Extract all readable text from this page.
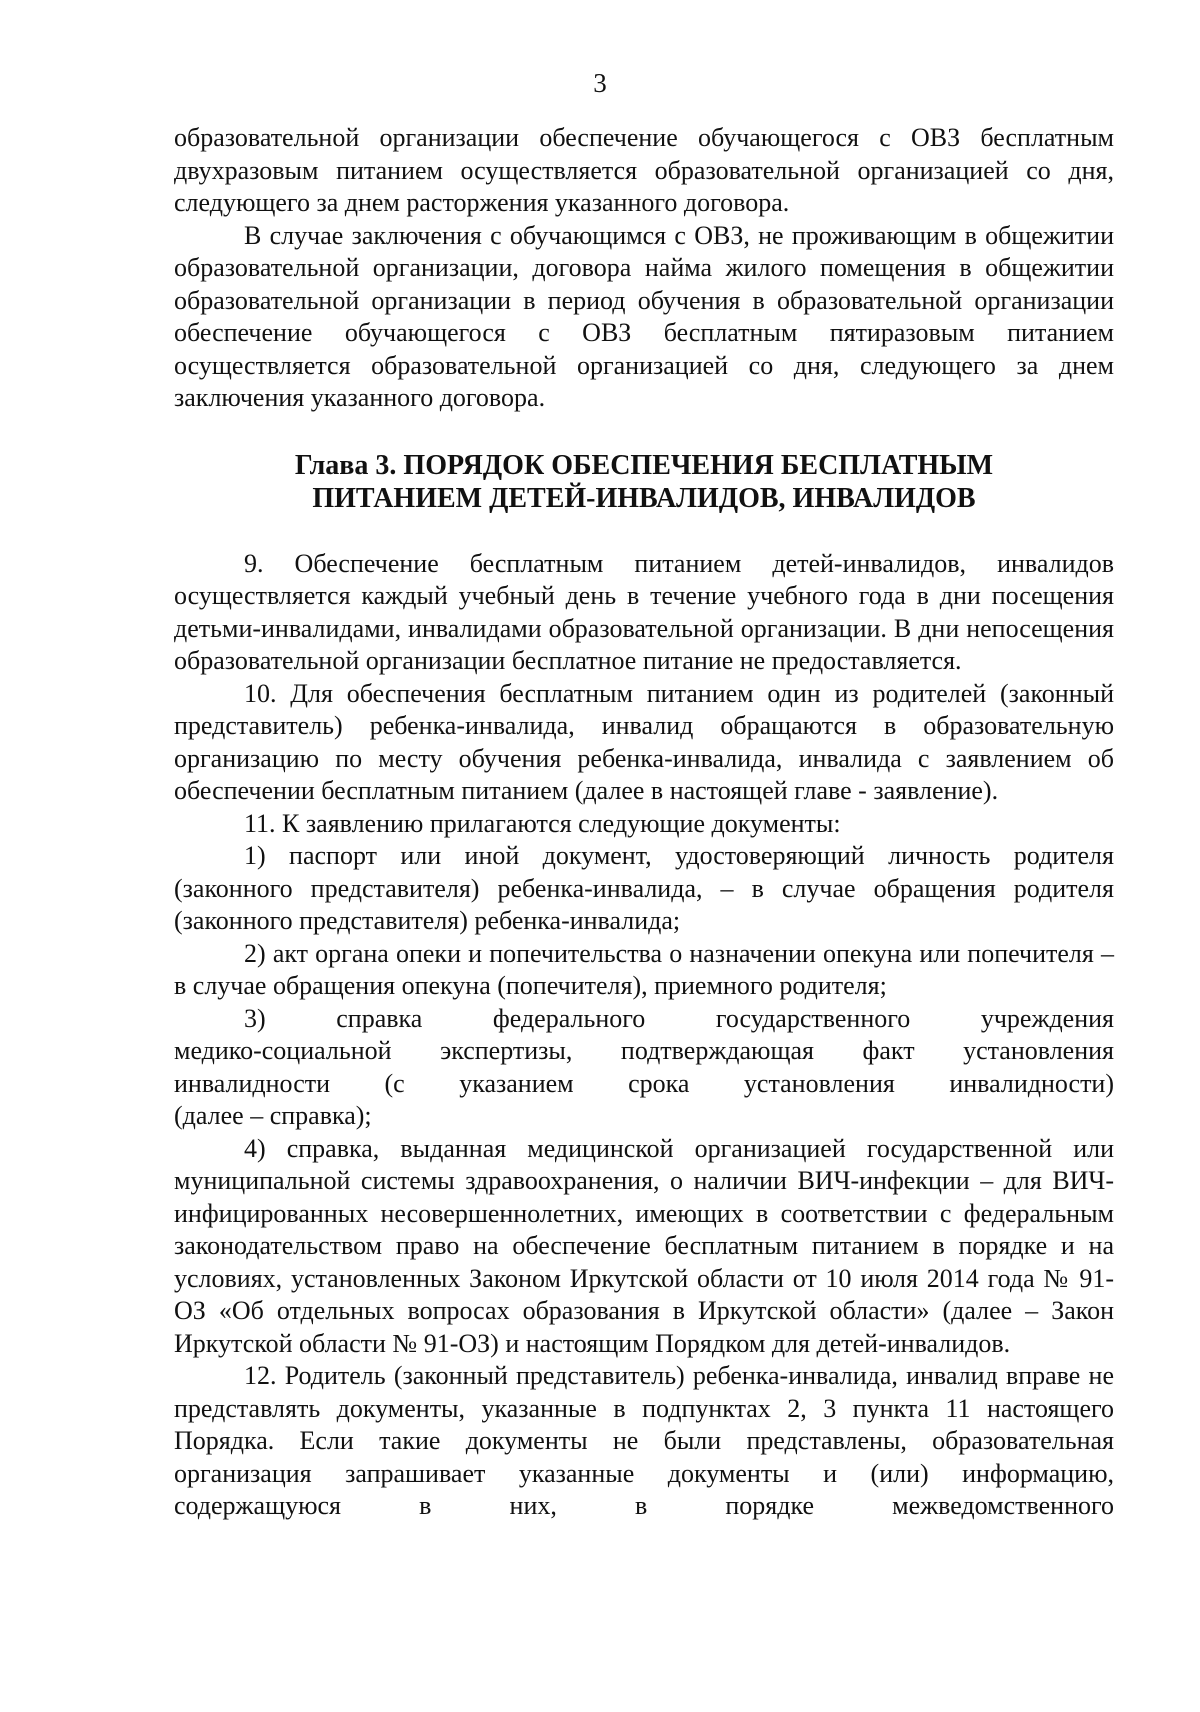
3

образовательной организации обеспечение обучающегося с ОВЗ бесплатным двухразовым питанием осуществляется образовательной организацией со дня, следующего за днем расторжения указанного договора.

В случае заключения с обучающимся с ОВЗ, не проживающим в общежитии образовательной организации, договора найма жилого помещения в общежитии образовательной организации в период обучения в образовательной организации обеспечение обучающегося с ОВЗ бесплатным пятиразовым питанием осуществляется образовательной организацией со дня, следующего за днем заключения указанного договора.

Глава 3. ПОРЯДОК ОБЕСПЕЧЕНИЯ БЕСПЛАТНЫМ
ПИТАНИЕМ ДЕТЕЙ-ИНВАЛИДОВ, ИНВАЛИДОВ

9. Обеспечение бесплатным питанием детей-инвалидов, инвалидов осуществляется каждый учебный день в течение учебного года в дни посещения детьми-инвалидами, инвалидами образовательной организации. В дни непосещения образовательной организации бесплатное питание не предоставляется.

10. Для обеспечения бесплатным питанием один из родителей (законный представитель) ребенка-инвалида, инвалид обращаются в образовательную организацию по месту обучения ребенка-инвалида, инвалида с заявлением об обеспечении бесплатным питанием (далее в настоящей главе - заявление).

11. К заявлению прилагаются следующие документы:

1) паспорт или иной документ, удостоверяющий личность родителя (законного представителя) ребенка-инвалида, – в случае обращения родителя (законного представителя) ребенка-инвалида;

2) акт органа опеки и попечительства о назначении опекуна или попечителя – в случае обращения опекуна (попечителя), приемного родителя;

3) справка федерального государственного учреждения
медико-социальной экспертизы, подтверждающая факт установления
инвалидности (с указанием срока установления инвалидности)
(далее – справка);

4) справка, выданная медицинской организацией государственной или муниципальной системы здравоохранения, о наличии ВИЧ-инфекции – для ВИЧ-инфицированных несовершеннолетних, имеющих в соответствии с федеральным законодательством право на обеспечение бесплатным питанием в порядке и на условиях, установленных Законом Иркутской области от 10 июля 2014 года № 91-ОЗ «Об отдельных вопросах образования в Иркутской области» (далее – Закон Иркутской области № 91-ОЗ) и настоящим Порядком для детей-инвалидов.

12. Родитель (законный представитель) ребенка-инвалида, инвалид вправе не представлять документы, указанные в подпунктах 2, 3 пункта 11 настоящего Порядка. Если такие документы не были представлены, образовательная организация запрашивает указанные документы и (или) информацию, содержащуюся в них, в порядке межведомственного
